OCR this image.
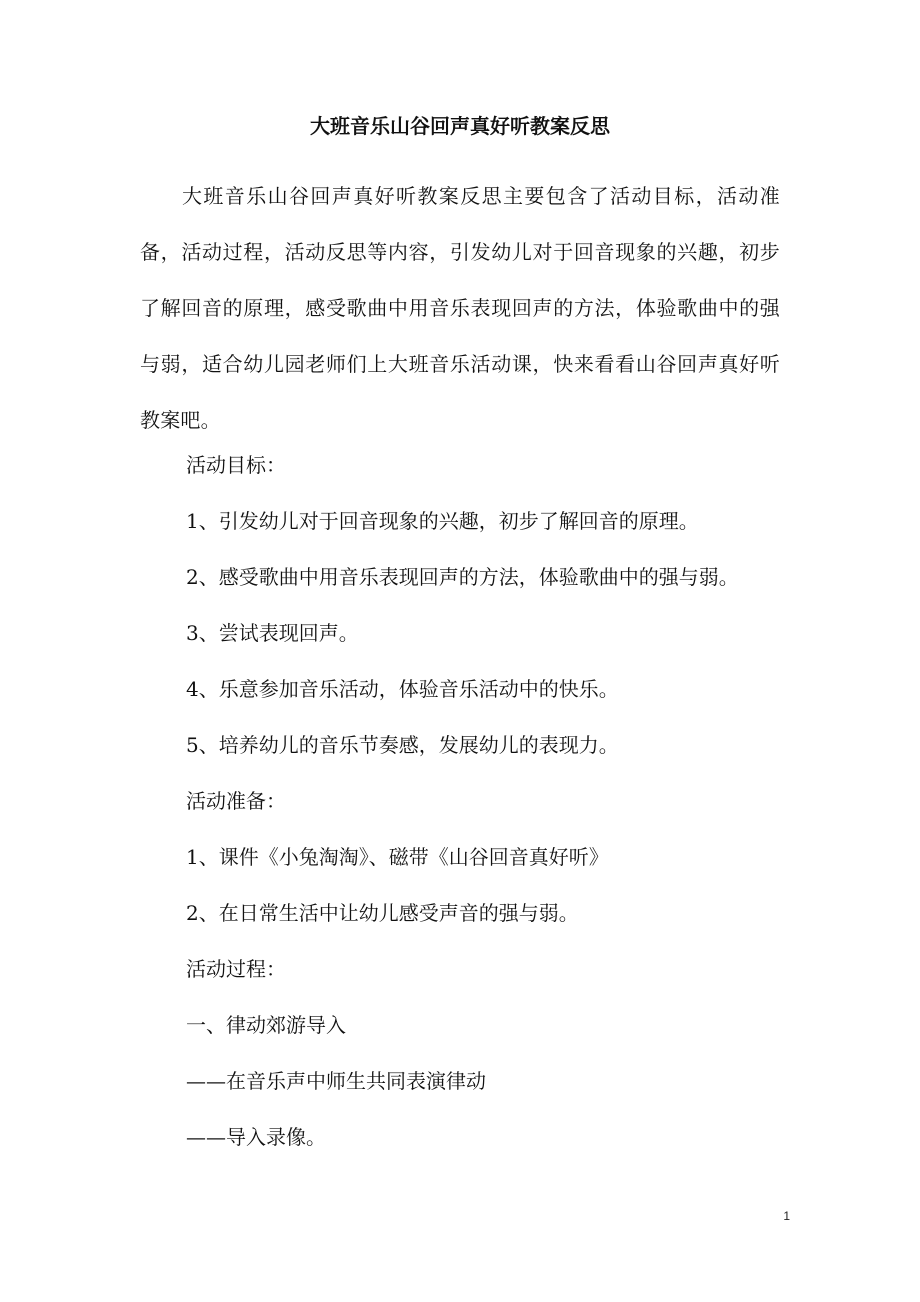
大班音乐山谷回声真好听教案反思

大班音乐山谷回声真好听教案反思主要包含了活动目标，活动准备，活动过程，活动反思等内容，引发幼儿对于回音现象的兴趣，初步了解回音的原理，感受歌曲中用音乐表现回声的方法，体验歌曲中的强与弱，适合幼儿园老师们上大班音乐活动课，快来看看山谷回声真好听教案吧。

活动目标：

1、引发幼儿对于回音现象的兴趣，初步了解回音的原理。

2、感受歌曲中用音乐表现回声的方法，体验歌曲中的强与弱。

3、尝试表现回声。

4、乐意参加音乐活动，体验音乐活动中的快乐。

5、培养幼儿的音乐节奏感，发展幼儿的表现力。

活动准备：

1、课件《小兔淘淘》、磁带《山谷回音真好听》

2、在日常生活中让幼儿感受声音的强与弱。

活动过程：

一、律动郊游导入

——在音乐声中师生共同表演律动

——导入录像。

1
